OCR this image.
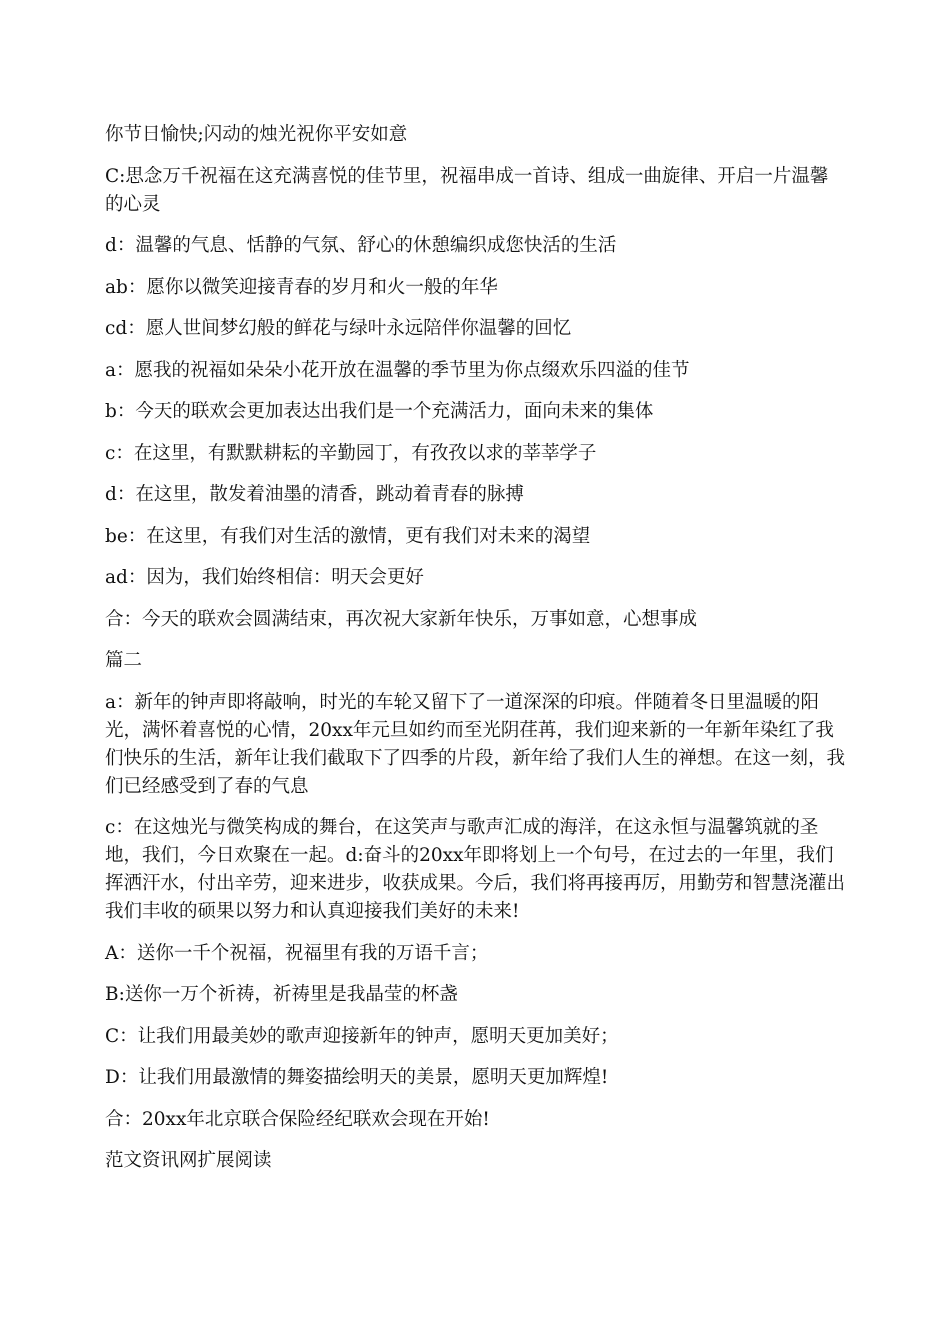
你节日愉快;闪动的烛光祝你平安如意

C:思念万千祝福在这充满喜悦的佳节里，祝福串成一首诗、组成一曲旋律、开启一片温馨的心灵

d：温馨的气息、恬静的气氛、舒心的休憩编织成您快活的生活

ab：愿你以微笑迎接青春的岁月和火一般的年华

cd：愿人世间梦幻般的鲜花与绿叶永远陪伴你温馨的回忆

a：愿我的祝福如朵朵小花开放在温馨的季节里为你点缀欢乐四溢的佳节

b：今天的联欢会更加表达出我们是一个充满活力，面向未来的集体

c：在这里，有默默耕耘的辛勤园丁，有孜孜以求的莘莘学子

d：在这里，散发着油墨的清香，跳动着青春的脉搏

be：在这里，有我们对生活的激情，更有我们对未来的渴望

ad：因为，我们始终相信：明天会更好

合：今天的联欢会圆满结束，再次祝大家新年快乐，万事如意，心想事成

篇二

a：新年的钟声即将敲响，时光的车轮又留下了一道深深的印痕。伴随着冬日里温暖的阳光，满怀着喜悦的心情，20xx年元旦如约而至光阴荏苒，我们迎来新的一年新年染红了我们快乐的生活，新年让我们截取下了四季的片段，新年给了我们人生的禅想。在这一刻，我们已经感受到了春的气息

c：在这烛光与微笑构成的舞台，在这笑声与歌声汇成的海洋，在这永恒与温馨筑就的圣地，我们，今日欢聚在一起。d:奋斗的20xx年即将划上一个句号，在过去的一年里，我们挥洒汗水，付出辛劳，迎来进步，收获成果。今后，我们将再接再厉，用勤劳和智慧浇灌出我们丰收的硕果以努力和认真迎接我们美好的未来!

A：送你一千个祝福，祝福里有我的万语千言；

B:送你一万个祈祷，祈祷里是我晶莹的杯盏

C：让我们用最美妙的歌声迎接新年的钟声，愿明天更加美好；

D：让我们用最激情的舞姿描绘明天的美景，愿明天更加辉煌!

合：20xx年北京联合保险经纪联欢会现在开始!

范文资讯网扩展阅读
